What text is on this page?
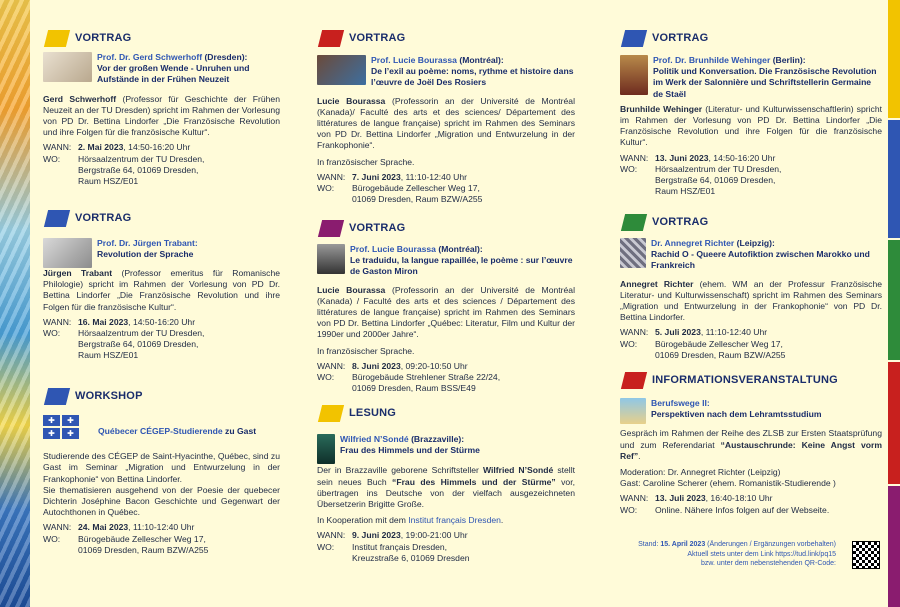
VORTRAG
Prof. Dr. Gerd Schwerhoff (Dresden):
Vor der großen Wende - Unruhen und Aufstände in der Frühen Neuzeit
Gerd Schwerhoff (Professor für Geschichte der Frühen Neuzeit an der TU Dresden) spricht im Rahmen der Vorlesung von PD Dr. Bettina Lindorfer „Die Französische Revolution und ihre Folgen für die französische Kultur“.
WANN:	2. Mai 2023, 14:50-16:20 Uhr
WO:	Hörsaalzentrum der TU Dresden,
Bergstraße 64, 01069 Dresden,
Raum HSZ/E01
VORTRAG
Prof. Dr. Jürgen Trabant:
Revolution der Sprache
Jürgen Trabant (Professor emeritus für Romanische Philologie) spricht im Rahmen der Vorlesung von PD Dr. Bettina Lindorfer „Die Französische Revolution und ihre Folgen für die französische Kultur“.
WANN:	16. Mai 2023, 14:50-16:20 Uhr
WO:	Hörsaalzentrum der TU Dresden,
Bergstraße 64, 01069 Dresden,
Raum HSZ/E01
WORKSHOP
✚	✚
✚	✚	Québecer CÉGEP-Studierende zu Gast
Studierende des CÉGEP de Saint-Hyacinthe, Québec, sind zu Gast im Seminar „Migration und Entwurzelung in der Frankophonie“ von Bettina Lindorfer.
Sie thematisieren ausgehend von der Poesie der quebecer Dichterin Joséphine Bacon Geschichte und Gegenwart der Autochthonen in Québec.
WANN:	24. Mai 2023, 11:10-12:40 Uhr
WO:	Bürogebäude Zellescher Weg 17,
01069 Dresden, Raum BZW/A255
VORTRAG
Prof. Lucie Bourassa (Montréal):
De l’exil au poème: noms, rythme et histoire dans l’œuvre de Joël Des Rosiers
Lucie Bourassa (Professorin an der Université de Montréal (Kanada)/ Faculté des arts et des sciences/ Département des littératures de langue française) spricht im Rahmen des Seminars von PD Dr. Bettina Lindorfer „Migration und Entwurzelung in der Frankophonie“.
In französischer Sprache.
WANN:	7. Juni 2023, 11:10-12:40 Uhr
WO:	Bürogebäude Zellescher Weg 17,
01069 Dresden, Raum BZW/A255
VORTRAG
Prof. Lucie Bourassa (Montréal):
Le traduidu, la langue rapaillée, le poème : sur l’œuvre de Gaston Miron
Lucie Bourassa (Professorin an der Université de Montréal (Kanada) / Faculté des arts et des sciences / Département des littératures de langue française) spricht im Rahmen des Seminars von PD Dr. Bettina Lindorfer „Québec: Literatur, Film und Kultur der 1990er und 2000er Jahre“.
In französischer Sprache.
WANN:	8. Juni 2023, 09:20-10:50 Uhr
WO:	Bürogebäude Strehlener Straße 22/24,
01069 Dresden, Raum BSS/E49
LESUNG
Wilfried N’Sondé (Brazzaville):
Frau des Himmels und der Stürme
Der in Brazzaville geborene Schriftsteller Wilfried N’Sondé stellt sein neues Buch “Frau des Himmels und der Stürme” vor, übertragen ins Deutsche von der vielfach ausgezeichneten Übersetzerin Brigitte Große.
In Kooperation mit dem Institut français Dresden.
WANN:	9. Juni 2023, 19:00-21:00 Uhr
WO:	Institut français Dresden,
Kreuzstraße 6, 01069 Dresden
VORTRAG
Prof. Dr. Brunhilde Wehinger (Berlin):
Politik und Konversation. Die Französische Revolution im Werk der Salonnière und Schriftstellerin Germaine de Staël
Brunhilde Wehinger (Literatur- und Kulturwissenschaftlerin) spricht im Rahmen der Vorlesung von PD Dr. Bettina Lindorfer „Die Französische Revolution und ihre Folgen für die französische Kultur“.
WANN:	13. Juni 2023, 14:50-16:20 Uhr
WO:	Hörsaalzentrum der TU Dresden,
Bergstraße 64, 01069 Dresden,
Raum HSZ/E01
VORTRAG
Dr. Annegret Richter (Leipzig):
Rachid O - Queere Autofiktion zwischen Marokko und Frankreich
Annegret Richter (ehem. WM an der Professur Französische Literatur- und Kulturwissenschaft) spricht im Rahmen des Seminars „Migration und Entwurzelung in der Frankophonie“ von PD Dr. Bettina Lindorfer.
WANN:	5. Juli 2023, 11:10-12:40 Uhr
WO:	Bürogebäude Zellescher Weg 17,
01069 Dresden, Raum BZW/A255
INFORMATIONSVERANSTALTUNG
Berufswege II:
Perspektiven nach dem Lehramtsstudium
Gespräch im Rahmen der Reihe des ZLSB zur Ersten Staatsprüfung und zum Referendariat “Austauschrunde: Keine Angst vorm Ref”.
Moderation: Dr. Annegret Richter (Leipzig)
Gast: Caroline Scherer (ehem. Romanistik-Studierende )
WANN:	13. Juli 2023, 16:40-18:10 Uhr
WO:	Online. Nähere Infos folgen auf der Webseite.
Stand: 15. April 2023 (Änderungen / Ergänzungen vorbehalten)
Aktuell stets unter dem Link https://tud.link/pq15
bzw. unter dem nebenstehenden QR-Code:
